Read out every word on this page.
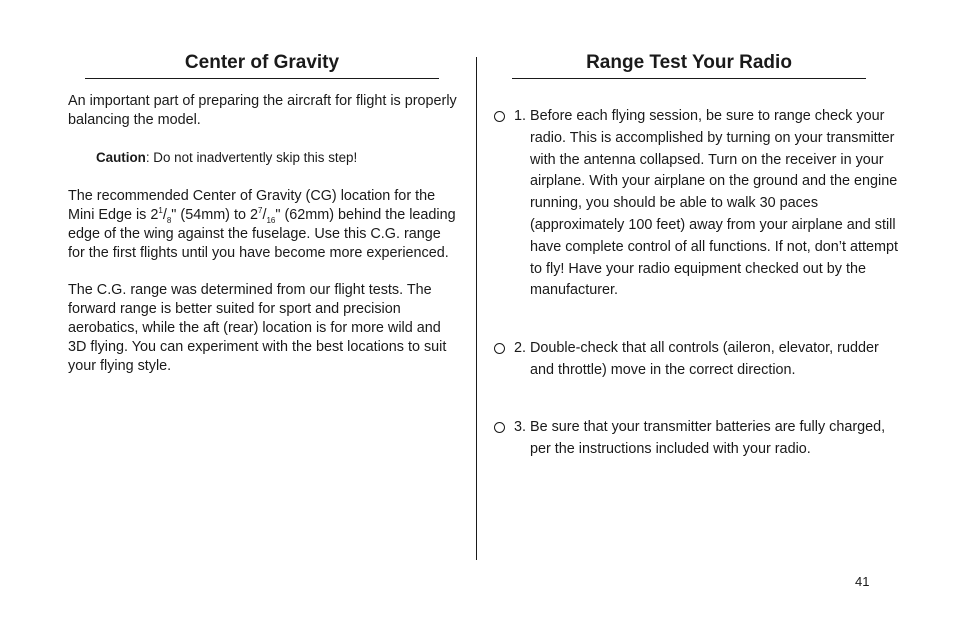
Center of Gravity

An important part of preparing the aircraft for flight is properly balancing the model.

Caution: Do not inadvertently skip this step!

The recommended Center of Gravity (CG) location for the Mini Edge is $2^1/_8$" (54mm) to $2^7/_{16}$" (62mm) behind the leading edge of the wing against the fuselage. Use this C.G. range for the first flights until you have become more experienced.

The C.G. range was determined from our flight tests. The forward range is better suited for sport and precision aerobatics, while the aft (rear) location is for more wild and 3D flying. You can experiment with the best locations to suit your flying style.

Range Test Your Radio
1. Before each flying session, be sure to range check your radio. This is accomplished by turning on your transmitter with the antenna collapsed. Turn on the receiver in your airplane. With your airplane on the ground and the engine running, you should be able to walk 30 paces (approximately 100 feet) away from your airplane and still have complete control of all functions. If not, don’t attempt to fly! Have your radio equipment checked out by the manufacturer.
2. Double-check that all controls (aileron, elevator, rudder and throttle) move in the correct direction.
3. Be sure that your transmitter batteries are fully charged, per the instructions included with your radio.
41
